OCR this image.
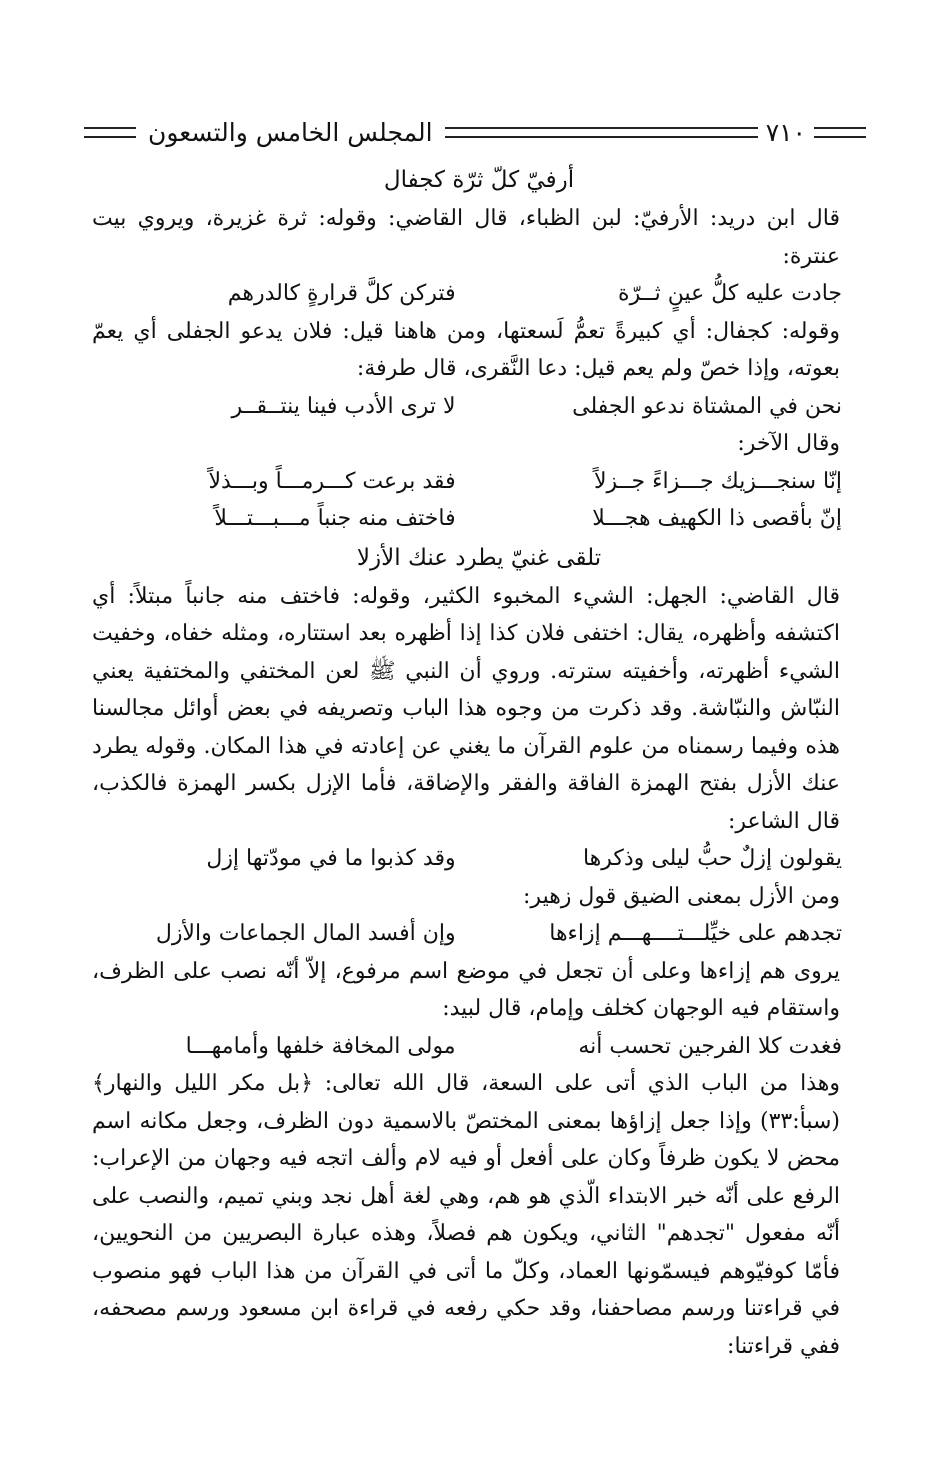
المجلس الخامس والتسعون	٧١٠

أرفيّ كلّ ثرّة كجفال

قال ابن دريد: الأرفيّ: لبن الظباء، قال القاضي: وقوله: ثرة غزيرة، ويروي بيت عنترة:

جادت عليه كلُّ عينٍ ثــرّة
فتركن كلَّ قرارةٍ كالدرهم

وقوله: كجفال: أي كبيرةً تعمُّ لَسعتها، ومن هاهنا قيل: فلان يدعو الجفلى أي يعمّ بعوته، وإذا خصّ ولم يعم قيل: دعا النَّقرى، قال طرفة:

نحن في المشتاة ندعو الجفلى
لا ترى الأدب فينا ينتــقــر

وقال الآخر:

إنّا سنجـــزيك جـــزاءً جــزلاً
فقد برعت كـــرمـــاً وبـــذلاً
إنّ بأقصى ذا الكهيف هجـــلا
فاختف منه جنباً مـــبـــتـــلاً

تلقى غنيّ يطرد عنك الأزلا

قال القاضي: الجهل: الشيء المخبوء الكثير، وقوله: فاختف منه جانباً مبتلاً: أي اكتشفه وأظهره، يقال: اختفى فلان كذا إذا أظهره بعد استتاره، ومثله خفاه، وخفيت الشيء أظهرته، وأخفيته سترته. وروي أن النبي ﷺ لعن المختفي والمختفية يعني النبّاش والنبّاشة. وقد ذكرت من وجوه هذا الباب وتصريفه في بعض أوائل مجالسنا هذه وفيما رسمناه من علوم القرآن ما يغني عن إعادته في هذا المكان. وقوله يطرد عنك الأزل بفتح الهمزة الفاقة والفقر والإضاقة، فأما الإزل بكسر الهمزة فالكذب، قال الشاعر:

يقولون إزلٌ حبُّ ليلى وذكرها
وقد كذبوا ما في مودّتها إزل

ومن الأزل بمعنى الضيق قول زهير:

تجدهم على خيِّلـــتــــهـــم إزاءها
وإن أفسد المال الجماعات والأزل

يروى هم إزاءها وعلى أن تجعل في موضع اسم مرفوع، إلاّ أنّه نصب على الظرف، واستقام فيه الوجهان كخلف وإمام، قال لبيد:

فغدت كلا الفرجين تحسب أنه
مولى المخافة خلفها وأمامهـــا

وهذا من الباب الذي أتى على السعة، قال الله تعالى: ﴿بل مكر الليل والنهار﴾ (سبأ:٣٣) وإذا جعل إزاؤها بمعنى المختصّ بالاسمية دون الظرف، وجعل مكانه اسم محض لا يكون ظرفاً وكان على أفعل أو فيه لام وألف اتجه فيه وجهان من الإعراب: الرفع على أنّه خبر الابتداء الّذي هو هم، وهي لغة أهل نجد وبني تميم، والنصب على أنّه مفعول "تجدهم" الثاني، ويكون هم فصلاً، وهذه عبارة البصريين من النحويين، فأمّا كوفيّوهم فيسمّونها العماد، وكلّ ما أتى في القرآن من هذا الباب فهو منصوب في قراءتنا ورسم مصاحفنا، وقد حكي رفعه في قراءة ابن مسعود ورسم مصحفه، ففي قراءتنا:
